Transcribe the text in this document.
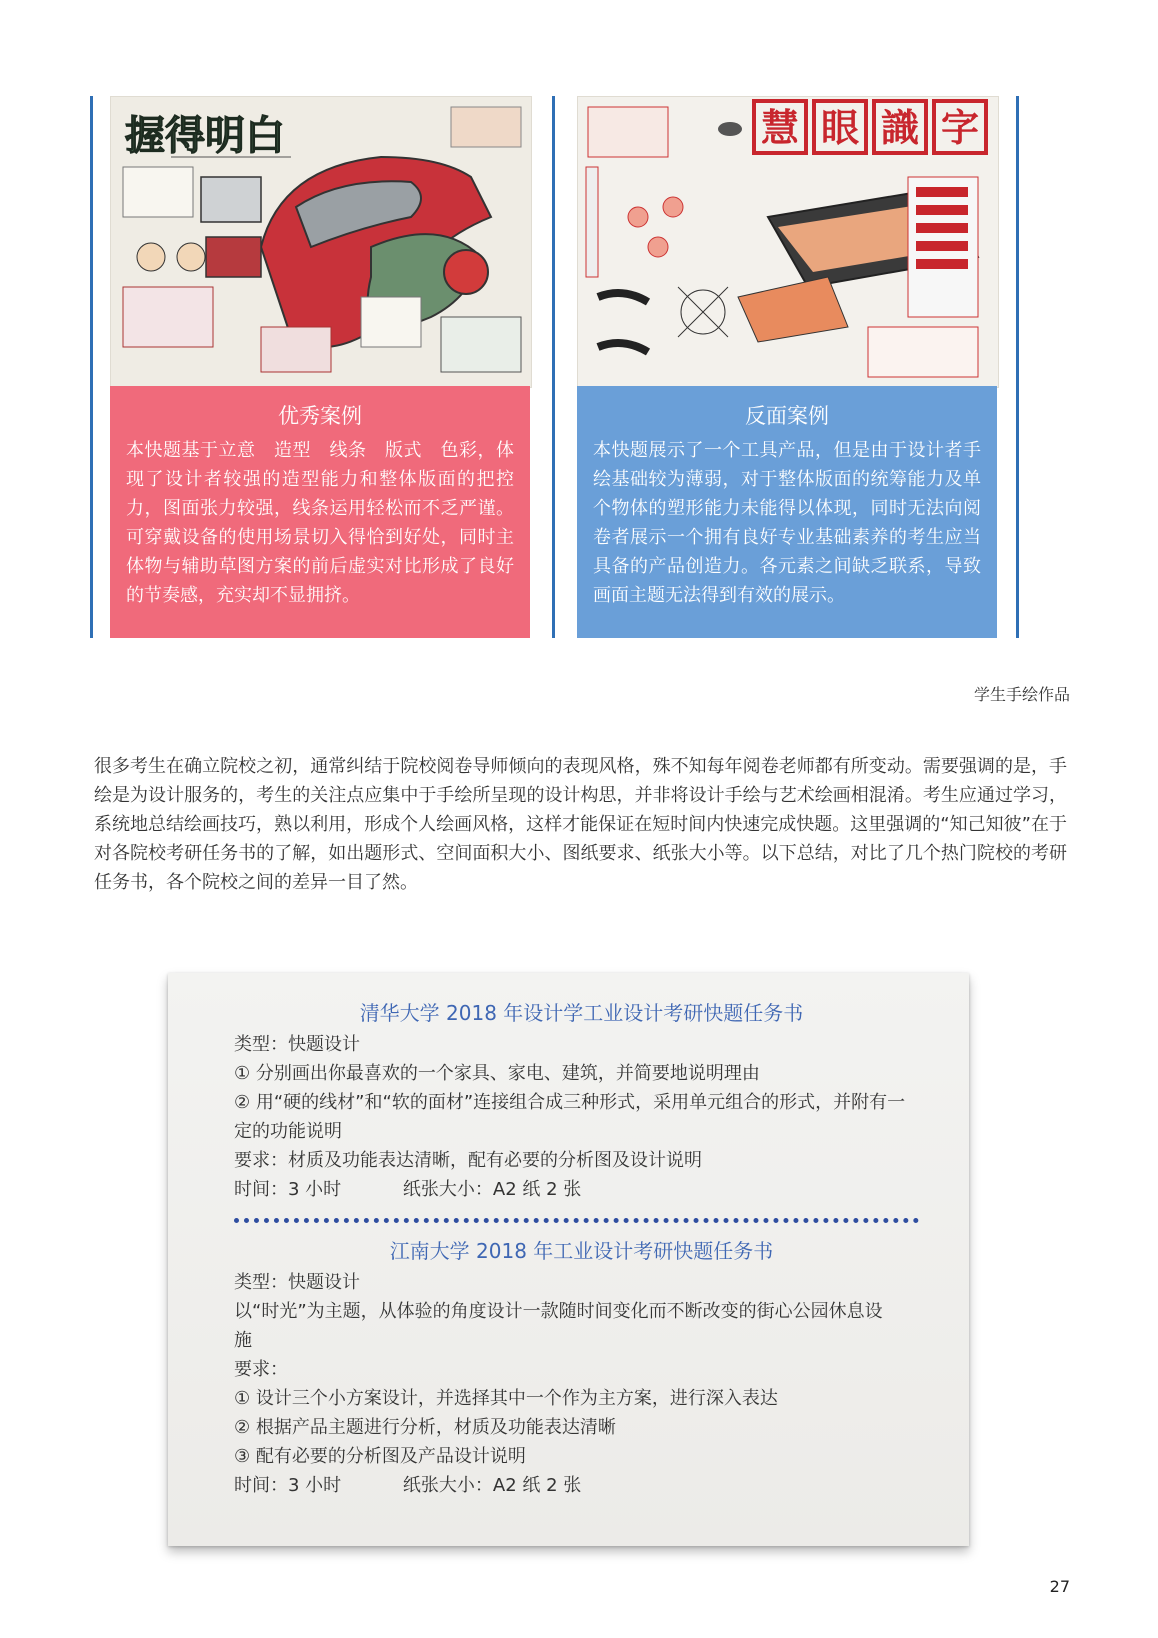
握得明白	慧 眼 識 字
优秀案例
本快题基于立意　造型　线条　版式　色彩，体现了设计者较强的造型能力和整体版面的把控力，图面张力较强，线条运用轻松而不乏严谨。可穿戴设备的使用场景切入得恰到好处，同时主体物与辅助草图方案的前后虚实对比形成了良好的节奏感，充实却不显拥挤。
反面案例
本快题展示了一个工具产品，但是由于设计者手绘基础较为薄弱，对于整体版面的统筹能力及单个物体的塑形能力未能得以体现，同时无法向阅卷者展示一个拥有良好专业基础素养的考生应当具备的产品创造力。各元素之间缺乏联系，导致画面主题无法得到有效的展示。
学生手绘作品
很多考生在确立院校之初，通常纠结于院校阅卷导师倾向的表现风格，殊不知每年阅卷老师都有所变动。需要强调的是，手绘是为设计服务的，考生的关注点应集中于手绘所呈现的设计构思，并非将设计手绘与艺术绘画相混淆。考生应通过学习，系统地总结绘画技巧，熟以利用，形成个人绘画风格，这样才能保证在短时间内快速完成快题。这里强调的“知己知彼”在于对各院校考研任务书的了解，如出题形式、空间面积大小、图纸要求、纸张大小等。以下总结，对比了几个热门院校的考研任务书，各个院校之间的差异一目了然。
清华大学 2018 年设计学工业设计考研快题任务书
类型：快题设计
① 分别画出你最喜欢的一个家具、家电、建筑，并简要地说明理由
② 用“硬的线材”和“软的面材”连接组合成三种形式，采用单元组合的形式，并附有一定的功能说明
要求：材质及功能表达清晰，配有必要的分析图及设计说明
时间：3 小时	纸张大小：A2 纸 2 张
江南大学 2018 年工业设计考研快题任务书
类型：快题设计
以“时光”为主题，从体验的角度设计一款随时间变化而不断改变的街心公园休息设施
要求：
① 设计三个小方案设计，并选择其中一个作为主方案，进行深入表达
② 根据产品主题进行分析，材质及功能表达清晰
③ 配有必要的分析图及产品设计说明
时间：3 小时	纸张大小：A2 纸 2 张
27
